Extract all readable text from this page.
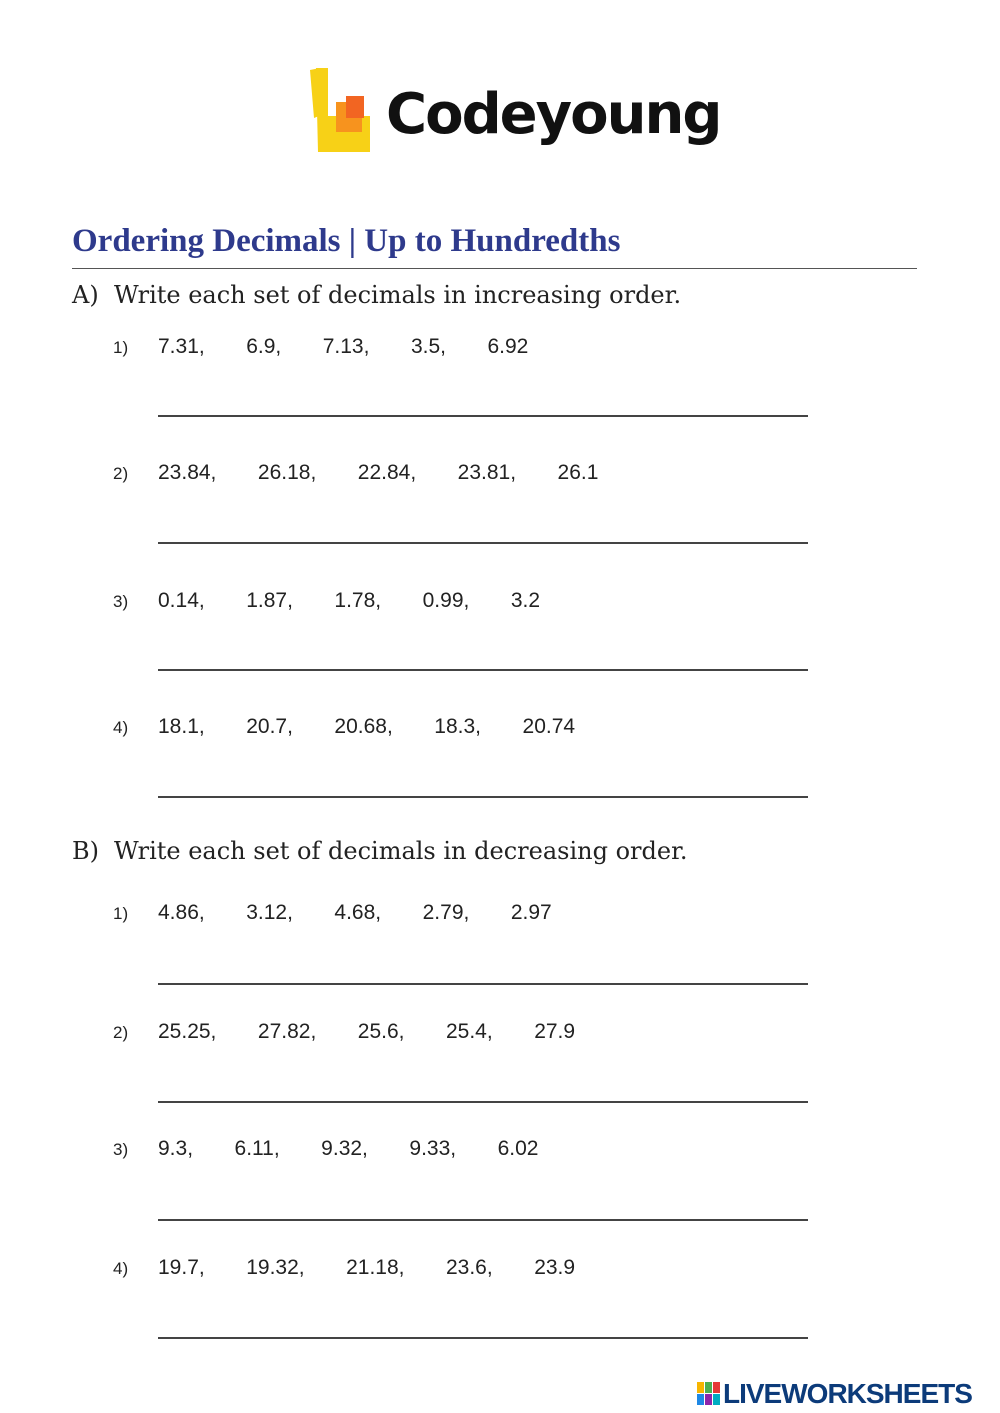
Codeyoung
Ordering Decimals | Up to Hundredths
A) Write each set of decimals in increasing order.
1) 7.31,   6.9,   7.13,   3.5,   6.92
2) 23.84,   26.18,   22.84,   23.81,   26.1
3) 0.14,   1.87,   1.78,   0.99,   3.2
4) 18.1,   20.7,   20.68,   18.3,   20.74
B) Write each set of decimals in decreasing order.
1) 4.86,   3.12,   4.68,   2.79,   2.97
2) 25.25,   27.82,   25.6,   25.4,   27.9
3) 9.3,   6.11,   9.32,   9.33,   6.02
4) 19.7,   19.32,   21.18,   23.6,   23.9
LIVEWORKSHEETS
